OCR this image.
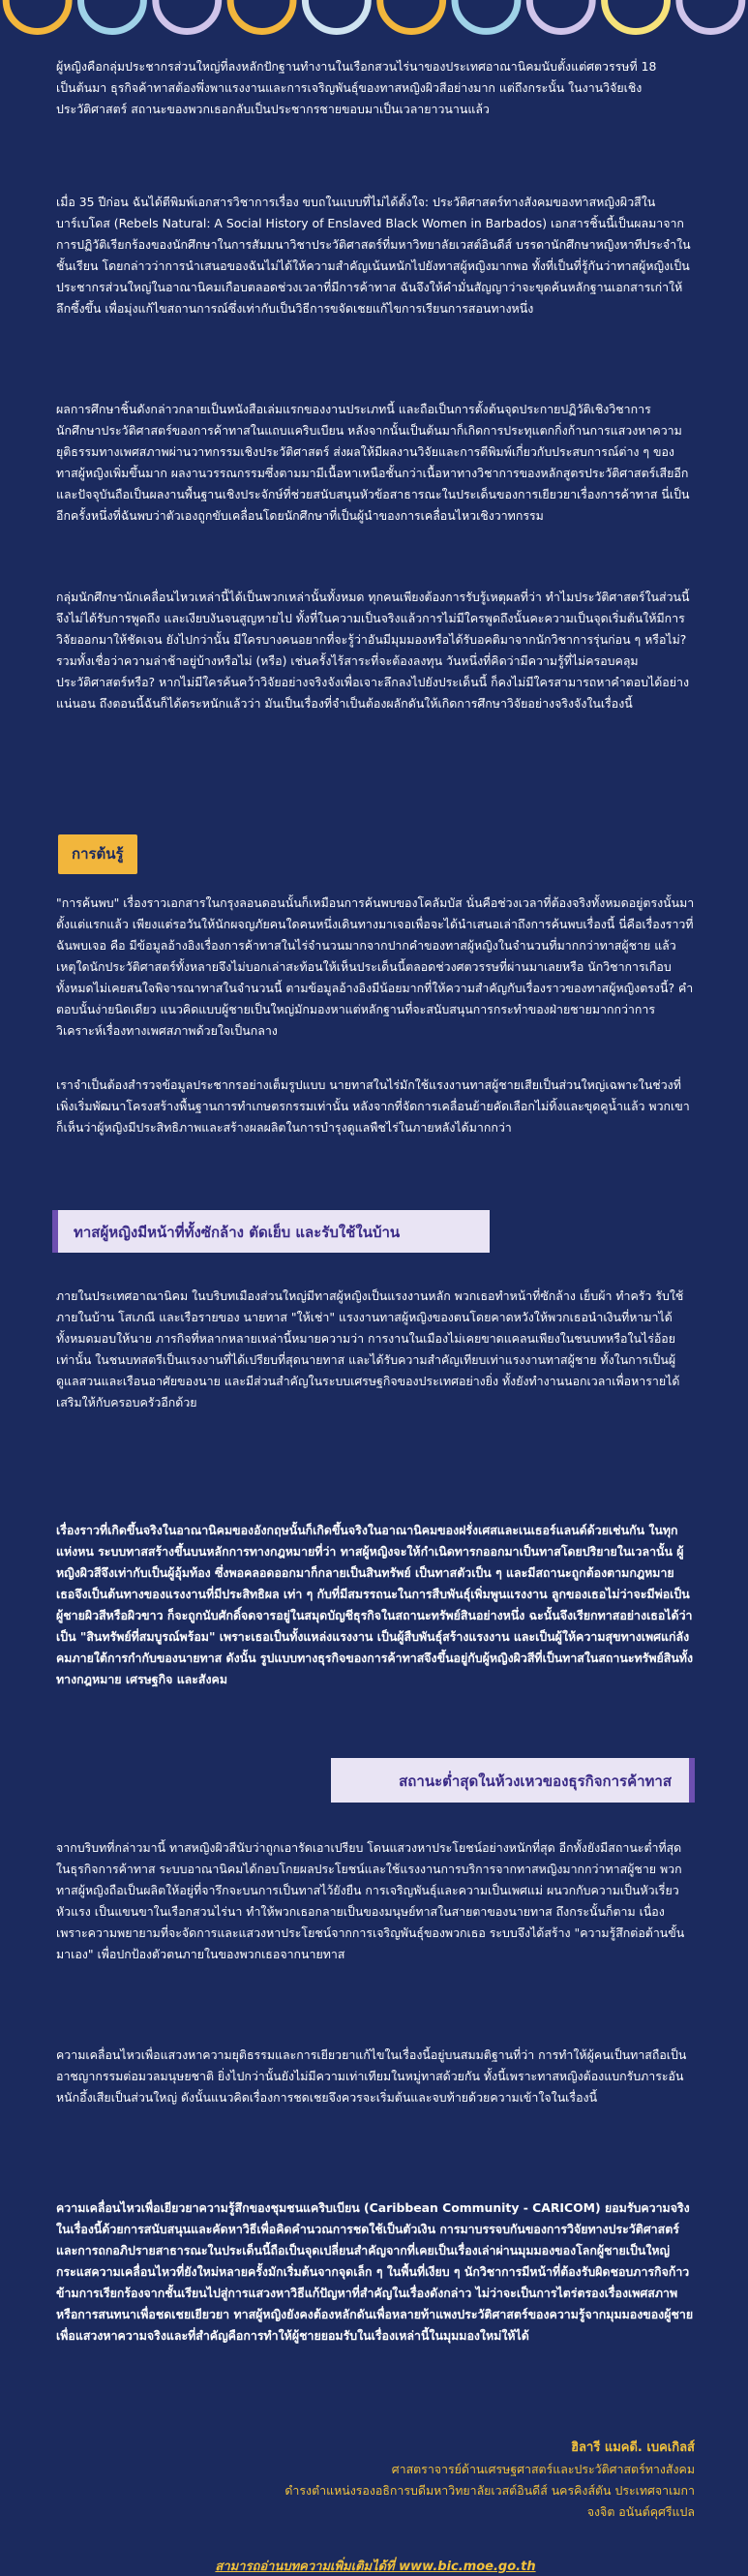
ผู้หญิงคือกลุ่มประชากรส่วนใหญ่ที่ลงหลักปักฐานทำงานในเรือกสวนไร่นาของประเทศอาณานิคมนับตั้งแต่ศตวรรษที่ 18 เป็นต้นมา ธุรกิจค้าทาสต้องพึ่งพาแรงงานและการเจริญพันธุ์ของทาสหญิงผิวสีอย่างมาก แต่ถึงกระนั้น ในงานวิจัยเชิงประวัติศาสตร์ สถานะของพวกเธอกลับเป็นประชากรชายขอบมาเป็นเวลายาวนานแล้ว

เมื่อ 35 ปีก่อน ฉันได้ตีพิมพ์เอกสารวิชาการเรื่อง ขบถในแบบที่ไม่ได้ตั้งใจ: ประวัติศาสตร์ทางสังคมของทาสหญิงผิวสีในบาร์เบโดส (Rebels Natural: A Social History of Enslaved Black Women in Barbados) เอกสารชิ้นนี้เป็นผลมาจากการปฏิวัติเรียกร้องของนักศึกษาในการสัมมนาวิชาประวัติศาสตร์ที่มหาวิทยาลัยเวสต์อินดีส์ บรรดานักศึกษาหญิงหาทีประจำในชั้นเรียน โดยกล่าวว่าการนำเสนอของฉันไม่ได้ให้ความสำคัญเน้นหนักไปยังทาสผู้หญิงมากพอ ทั้งที่เป็นที่รู้กันว่าทาสผู้หญิงเป็นประชากรส่วนใหญ่ในอาณานิคมเกือบตลอดช่วงเวลาที่มีการค้าทาส ฉันจึงให้คำมั่นสัญญาว่าจะขุดค้นหลักฐานเอกสารเก่าให้ลึกซึ้งขึ้น เพื่อมุ่งแก้ไขสถานการณ์ซึ่งเท่ากับเป็นวิธีการขจัดเชยแก้ไขการเรียนการสอนทางหนึ่ง

ผลการศึกษาชิ้นดังกล่าวกลายเป็นหนังสือเล่มแรกของงานประเภทนี้ และถือเป็นการตั้งต้นจุดประกายปฏิวัติเชิงวิชาการนักศึกษาประวัติศาสตร์ของการค้าทาสในแถบแคริบเบียน หลังจากนั้นเป็นต้นมาก็เกิดการประทุแตกกิ่งก้านการแสวงหาความยุติธรรมทางเพศสภาพผ่านวาทกรรมเชิงประวัติศาสตร์ ส่งผลให้มีผลงานวิจัยและการตีพิมพ์เกี่ยวกับประสบการณ์ต่าง ๆ ของทาสผู้หญิงเพิ่มขึ้นมาก ผลงานวรรณกรรมซึ่งตามมามีเนื้อหาเหนือชั้นกว่าเนื้อหาทางวิชาการของหลักสูตรประวัติศาสตร์เสียอีก และปัจจุบันถือเป็นผลงานพื้นฐานเชิงประจักษ์ที่ช่วยสนับสนุนหัวข้อสาธารณะในประเด็นของการเยียวยาเรื่องการค้าทาส นี่เป็นอีกครั้งหนึ่งที่ฉันพบว่าตัวเองถูกขับเคลื่อนโดยนักศึกษาที่เป็นผู้นำของการเคลื่อนไหวเชิงวาทกรรม

กลุ่มนักศึกษานักเคลื่อนไหวเหล่านี้ได้เป็นพวกเหล่านั้นทั้งหมด ทุกคนเพียงต้องการรับรู้เหตุผลที่ว่า ทำไมประวัติศาสตร์ในส่วนนี้จึงไม่ได้รับการพูดถึง และเงียบงันจนสูญหายไป ทั้งที่ในความเป็นจริงแล้วการไม่มีใครพูดถึงนั้นคะความเป็นจุดเริ่มต้นให้มีการวิจัยออกมาให้ชัดเจน ยังไปกว่านั้น มีใครบางคนอยากที่จะรู้ว่าอันมีมุมมองหรือได้รับอคติมาจากนักวิชาการรุ่นก่อน ๆ หรือไม่? รวมทั้งเชื่อว่าความล่าช้าอยู่บ้างหรือไม่ (หรือ) เช่นครั้งไร้สาระที่จะต้องลงทุน วันหนึ่งที่คิดว่ามีความรู้ที่ไม่ครอบคลุมประวัติศาสตร์หรือ? หากไม่มีใครค้นคว้าวิจัยอย่างจริงจังเพื่อเจาะลึกลงไปยังประเด็นนี้ ก็คงไม่มีใครสามารถหาคำตอบได้อย่างแน่นอน ถึงตอนนี้ฉันก็ได้ตระหนักแล้วว่า มันเป็นเรื่องที่จำเป็นต้องผลักดันให้เกิดการศึกษาวิจัยอย่างจริงจังในเรื่องนี้

การต้นรู้

"การค้นพบ" เรื่องราวเอกสารในกรุงลอนดอนนั้นก็เหมือนการค้นพบของโคลัมบัส นั่นคือช่วงเวลาที่ต้องจริงทั้งหมดอยู่ตรงนั้นมาตั้งแต่แรกแล้ว เพียงแต่รอวันให้นักผจญภัยคนใดคนหนึ่งเดินทางมาเจอเพื่อจะได้นำเสนอเล่าถึงการค้นพบเรื่องนี้ นี่คือเรื่องราวที่ฉันพบเจอ คือ มีข้อมูลอ้างอิงเรื่องการค้าทาสในไร่จำนวนมากจากปากคำของทาสผู้หญิงในจำนวนที่มากกว่าทาสผู้ชาย แล้วเหตุใดนักประวัติศาสตร์ทั้งหลายจึงไม่บอกเล่าสะท้อนให้เห็นประเด็นนี้ตลอดช่วงศตวรรษที่ผ่านมาเลยหรือ นักวิชาการเกือบทั้งหมดไม่เคยสนใจพิจารณาทาสในจำนวนนี้ ตามข้อมูลอ้างอิงมีน้อยมากที่ให้ความสำคัญกับเรื่องราวของทาสผู้หญิงตรงนี้? คำตอบนั้นง่ายนิดเดียว แนวคิดแบบผู้ชายเป็นใหญ่มักมองหาแต่หลักฐานที่จะสนับสนุนการกระทำของฝ่ายชายมากกว่าการวิเคราะห์เรื่องทางเพศสภาพด้วยใจเป็นกลาง

เราจำเป็นต้องสำรวจข้อมูลประชากรอย่างเต็มรูปแบบ นายทาสในไร่มักใช้แรงงานทาสผู้ชายเสียเป็นส่วนใหญ่เฉพาะในช่วงที่เพิ่งเริ่มพัฒนาโครงสร้างพื้นฐานการทำเกษตรกรรมเท่านั้น หลังจากที่จัดการเคลื่อนย้ายคัดเลือกไม่ทิ้งและขุดคูน้ำแล้ว พวกเขาก็เห็นว่าผู้หญิงมีประสิทธิภาพและสร้างผลผลิตในการบำรุงดูแลพืชไร่ในภายหลังได้มากกว่า

ทาสผู้หญิงมีหน้าที่ทั้งซักล้าง ตัดเย็บ และรับใช้ในบ้าน

ภายในประเทศอาณานิคม ในบริบทเมืองส่วนใหญ่มีทาสผู้หญิงเป็นแรงงานหลัก พวกเธอทำหน้าที่ซักล้าง เย็บผ้า ทำครัว รับใช้ภายในบ้าน โสเภณี และเรือรายของ นายทาส "ให้เช่า" แรงงานทาสผู้หญิงของตนโดยคาดหวังให้พวกเธอนำเงินที่หามาได้ทั้งหมดมอบให้นาย ภารกิจที่หลากหลายเหล่านี้หมายความว่า การงานในเมืองไม่เคยขาดแคลนเพียงในชนบทหรือในไร่อ้อยเท่านั้น ในชนบทสตรีเป็นแรงงานที่ได้เปรียบที่สุดนายทาส และได้รับความสำคัญเทียบเท่าแรงงานทาสผู้ชาย ทั้งในการเป็นผู้ดูแลสวนและเรือนอาศัยของนาย และมีส่วนสำคัญในระบบเศรษฐกิจของประเทศอย่างยิ่ง ทั้งยังทำงานนอกเวลาเพื่อหารายได้เสริมให้กับครอบครัวอีกด้วย

เรื่องราวที่เกิดขึ้นจริงในอาณานิคมของอังกฤษนั้นก็เกิดขึ้นจริงในอาณานิคมของฝรั่งเศสและเนเธอร์แลนด์ด้วยเช่นกัน ในทุกแห่งหน ระบบทาสสร้างขึ้นบนหลักการทางกฎหมายที่ว่า ทาสผู้หญิงจะให้กำเนิดทารกออกมาเป็นทาสโดยปริยายในเวลานั้น ผู้หญิงผิวสีจึงเท่ากับเป็นผู้อุ้มท้อง ซึ่งพอคลอดออกมาก็กลายเป็นสินทรัพย์ เป็นทาสตัวเป็น ๆ และมีสถานะถูกต้องตามกฎหมาย เธอจึงเป็นต้นทางของแรงงานที่มีประสิทธิผล เท่า ๆ กับที่มีสมรรถนะในการสืบพันธุ์เพิ่มพูนแรงงาน ลูกของเธอไม่ว่าจะมีพ่อเป็นผู้ชายผิวสีหรือผิวขาว ก็จะถูกนับศักดิ์จดจารอยู่ในสมุดบัญชีธุรกิจในสถานะทรัพย์สินอย่างหนึ่ง ฉะนั้นจึงเรียกทาสอย่างเธอได้ว่าเป็น "สินทรัพย์ที่สมบูรณ์พร้อม" เพราะเธอเป็นทั้งแหล่งแรงงาน เป็นผู้สืบพันธุ์สร้างแรงงาน และเป็นผู้ให้ความสุขทางเพศแก่ลังคมภายใต้การกำกับของนายทาส ดังนั้น รูปแบบทางธุรกิจของการค้าทาสจึงขึ้นอยู่กับผู้หญิงผิวสีที่เป็นทาสในสถานะทรัพย์สินทั้งทางกฎหมาย เศรษฐกิจ และสังคม

สถานะต่ำสุดในห้วงเหวของธุรกิจการค้าทาส

จากบริบทที่กล่าวมานี้ ทาสหญิงผิวสีนับว่าถูกเอารัดเอาเปรียบ โดนแสวงหาประโยชน์อย่างหนักที่สุด อีกทั้งยังมีสถานะต่ำที่สุดในธุรกิจการค้าทาส ระบบอาณานิคมได้กอบโกยผลประโยชน์และใช้แรงงานการบริการจากทาสหญิงมากกว่าทาสผู้ชาย พวกทาสผู้หญิงถือเป็นผลิตให้อยู่ที่จารึกจะบนการเป็นทาสไว้ยังยืน การเจริญพันธุ์และความเป็นเพศแม่ ผนวกกับความเป็นหัวเรี่ยวหัวแรง เป็นแขนขาในเรือกสวนไร่นา ทำให้พวกเธอกลายเป็นของมนุษย์ทาสในสายตาของนายทาส ถึงกระนั้นก็ตาม เนื่องเพราะความพยายามที่จะจัดการและแสวงหาประโยชน์จากการเจริญพันธุ์ของพวกเธอ ระบบจึงได้สร้าง "ความรู้สึกต่อต้านขั้นมาเอง" เพื่อปกป้องตัวตนภายในของพวกเธอจากนายทาส

ความเคลื่อนไหวเพื่อแสวงหาความยุติธรรมและการเยียวยาแก้ไขในเรื่องนี้อยู่บนสมมติฐานที่ว่า การทำให้ผู้คนเป็นทาสถือเป็นอาชญากรรมต่อมวลมนุษยชาติ ยิ่งไปกว่านั้นยังไม่มีความเท่าเทียมในหมู่ทาสด้วยกัน ทั้งนี้เพราะทาสหญิงต้องแบกรับภาระอันหนักอึ้งเสียเป็นส่วนใหญ่ ดังนั้นแนวคิดเรื่องการชดเชยจึงควรจะเริ่มต้นและจบท้ายด้วยความเข้าใจในเรื่องนี้

ความเคลื่อนไหวเพื่อเยียวยาความรู้สึกของชุมชนแคริบเบียน (Caribbean Community - CARICOM) ยอมรับความจริงในเรื่องนี้ด้วยการสนับสนุนและคัดหาวิธีเพื่อคิดคำนวณการชดใช้เป็นตัวเงิน การมาบรรจบกันของการวิจัยทางประวัติศาสตร์และการถกอภิปรายสาธารณะในประเด็นนี้ถือเป็นจุดเปลี่ยนสำคัญจากที่เคยเป็นเรื่องเล่าผ่านมุมมองของโลกผู้ชายเป็นใหญ่ กระแสความเคลื่อนไหวที่ยังใหม่หลายครั้งมักเริ่มต้นจากจุดเล็ก ๆ ในพื้นที่เงียบ ๆ นักวิชาการมีหน้าที่ต้องรับผิดชอบภารกิจก้าวข้ามการเรียกร้องจากชั้นเรียนไปสู่การแสวงหาวิธีแก้ปัญหาที่สำคัญในเรื่องดังกล่าว ไม่ว่าจะเป็นการไตร่ตรองเรื่องเพศสภาพหรือการสนทนาเพื่อชดเชยเยียวยา ทาสผู้หญิงยังคงต้องหลักดันเพื่อหลายท้าแพงประวัติศาสตร์ของความรู้จากมุมมองของผู้ชายเพื่อแสวงหาความจริงและที่สำคัญคือการทำให้ผู้ชายยอมรับในเรื่องเหล่านี้ในมุมมองใหม่ให้ได้

ฮิลารี แมคดี. เบคเกิลส์
ศาสตราจารย์ด้านเศรษฐศาสตร์และประวัติศาสตร์ทางสังคม
ดำรงตำแหน่งรองอธิการบดีมหาวิทยาลัยเวสต์อินดีส์ นครคิงส์ตัน ประเทศจาเมกา
จงจิต อนันต์คุศรีแปล
สามารถอ่านบทความเพิ่มเติมได้ที่ www.bic.moe.go.th
